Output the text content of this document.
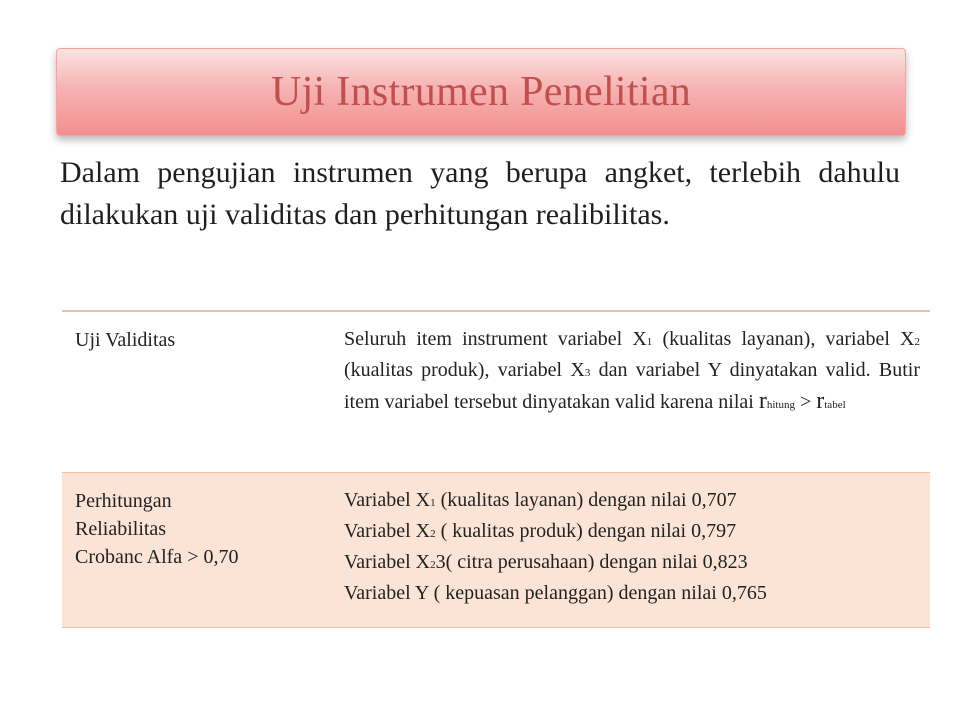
Uji Instrumen Penelitian
Dalam pengujian instrumen yang berupa angket, terlebih dahulu dilakukan uji validitas dan perhitungan realibilitas.
Uji Validitas	Seluruh item instrument variabel X1 (kualitas layanan), variabel X2 (kualitas produk), variabel X3 dan variabel Y dinyatakan valid. Butir item variabel tersebut dinyatakan valid karena nilai rhitung > rtabel
Perhitungan
Reliabilitas
Crobanc Alfa > 0,70
Variabel X1 (kualitas layanan) dengan nilai 0,707
Variabel X2 ( kualitas produk) dengan nilai 0,797
Variabel X23( citra perusahaan) dengan nilai 0,823
Variabel Y ( kepuasan pelanggan) dengan nilai 0,765
